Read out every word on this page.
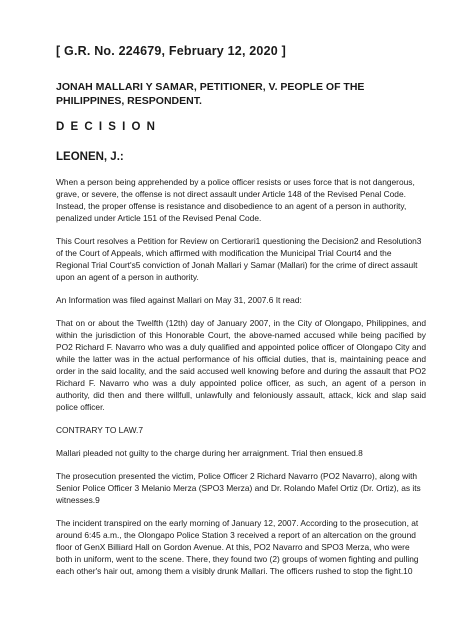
[ G.R. No. 224679, February 12, 2020 ]
JONAH MALLARI Y SAMAR, PETITIONER, V. PEOPLE OF THE PHILIPPINES, RESPONDENT.
D E C I S I O N
LEONEN, J.:

When a person being apprehended by a police officer resists or uses force that is not dangerous, grave, or severe, the offense is not direct assault under Article 148 of the Revised Penal Code. Instead, the proper offense is resistance and disobedience to an agent of a person in authority, penalized under Article 151 of the Revised Penal Code.

This Court resolves a Petition for Review on Certiorari1 questioning the Decision2 and Resolution3 of the Court of Appeals, which affirmed with modification the Municipal Trial Court4 and the Regional Trial Court's5 conviction of Jonah Mallari y Samar (Mallari) for the crime of direct assault upon an agent of a person in authority.

An Information was filed against Mallari on May 31, 2007.6 It read:

That on or about the Twelfth (12th) day of January 2007, in the City of Olongapo, Philippines, and within the jurisdiction of this Honorable Court, the above-named accused while being pacified by PO2 Richard F. Navarro who was a duly qualified and appointed police officer of Olongapo City and while the latter was in the actual performance of his official duties, that is, maintaining peace and order in the said locality, and the said accused well knowing before and during the assault that PO2 Richard F. Navarro who was a duly appointed police officer, as such, an agent of a person in authority, did then and there willfull, unlawfully and feloniously assault, attack, kick and slap said police officer.

CONTRARY TO LAW.7

Mallari pleaded not guilty to the charge during her arraignment. Trial then ensued.8

The prosecution presented the victim, Police Officer 2 Richard Navarro (PO2 Navarro), along with Senior Police Officer 3 Melanio Merza (SPO3 Merza) and Dr. Rolando Mafel Ortiz (Dr. Ortiz), as its witnesses.9

The incident transpired on the early morning of January 12, 2007. According to the prosecution, at around 6:45 a.m., the Olongapo Police Station 3 received a report of an altercation on the ground floor of GenX Billiard Hall on Gordon Avenue. At this, PO2 Navarro and SPO3 Merza, who were both in uniform, went to the scene. There, they found two (2) groups of women fighting and pulling each other's hair out, among them a visibly drunk Mallari. The officers rushed to stop the fight.10
